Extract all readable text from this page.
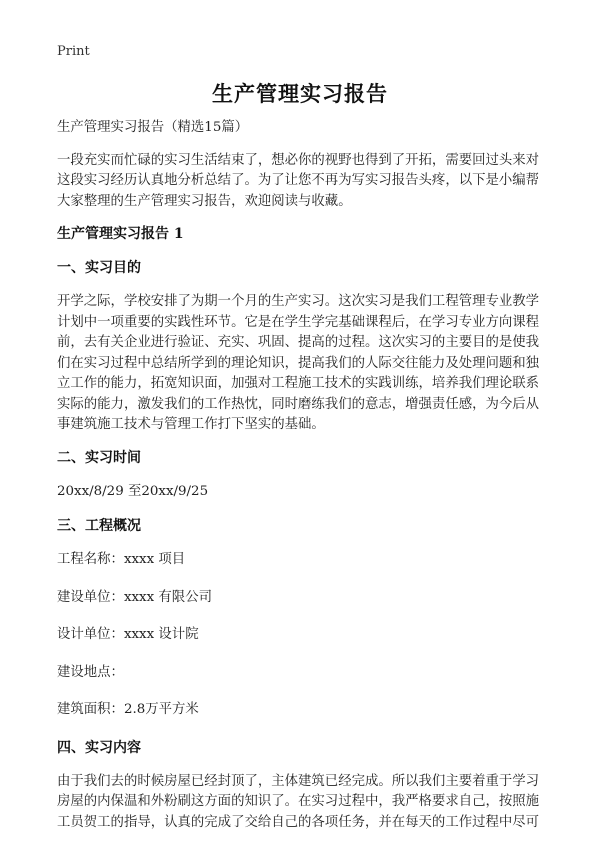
Print
生产管理实习报告

生产管理实习报告（精选15篇）

一段充实而忙碌的实习生活结束了，想必你的视野也得到了开拓，需要回过头来对这段实习经历认真地分析总结了。为了让您不再为写实习报告头疼，以下是小编帮大家整理的生产管理实习报告，欢迎阅读与收藏。

生产管理实习报告 1
一、实习目的

开学之际，学校安排了为期一个月的生产实习。这次实习是我们工程管理专业教学计划中一项重要的实践性环节。它是在学生学完基础课程后，在学习专业方向课程前，去有关企业进行验证、充实、巩固、提高的过程。这次实习的主要目的是使我们在实习过程中总结所学到的理论知识，提高我们的人际交往能力及处理问题和独立工作的能力，拓宽知识面，加强对工程施工技术的实践训练，培养我们理论联系实际的能力，激发我们的工作热忱，同时磨练我们的意志，增强责任感，为今后从事建筑施工技术与管理工作打下坚实的基础。

二、实习时间

20xx/8/29 至20xx/9/25

三、工程概况

工程名称：xxxx 项目

建设单位：xxxx 有限公司

设计单位：xxxx 设计院

建设地点：

建筑面积：2.8万平方米

四、实习内容

由于我们去的时候房屋已经封顶了，主体建筑已经完成。所以我们主要着重于学习房屋的内保温和外粉刷这方面的知识了。在实习过程中，我严格要求自己，按照施工员贺工的指导，认真的完成了交给自己的各项任务，并在每天的工作过程中尽可
